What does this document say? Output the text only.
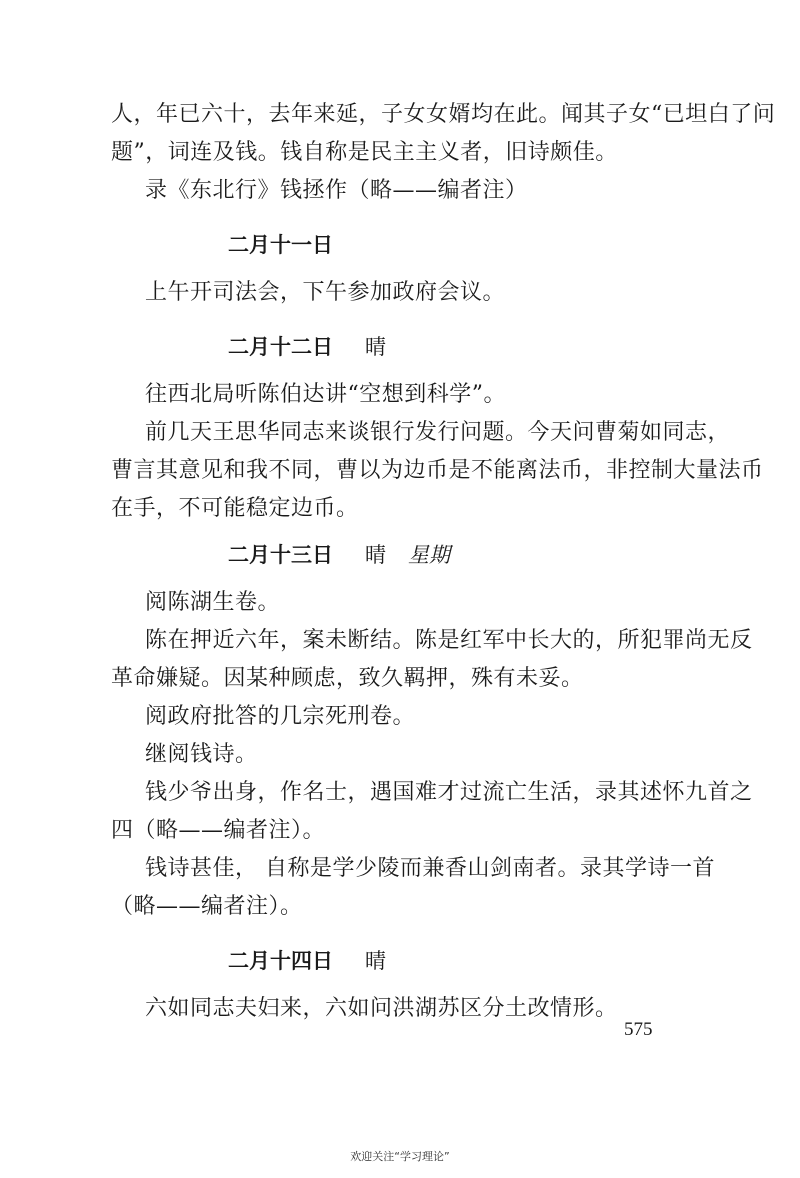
人，年已六十，去年来延，子女女婿均在此。闻其子女“已坦白了问
题”，词连及钱。钱自称是民主主义者，旧诗颇佳。
录《东北行》钱拯作（略——编者注）
二月十一日
上午开司法会，下午参加政府会议。
二月十二日 晴
往西北局听陈伯达讲“空想到科学”。
前几天王思华同志来谈银行发行问题。今天问曹菊如同志，
曹言其意见和我不同，曹以为边币是不能离法币，非控制大量法币
在手，不可能稳定边币。
二月十三日 晴 星期
阅陈湖生卷。
陈在押近六年，案未断结。陈是红军中长大的，所犯罪尚无反
革命嫌疑。因某种顾虑，致久羁押，殊有未妥。
阅政府批答的几宗死刑卷。
继阅钱诗。
钱少爷出身，作名士，遇国难才过流亡生活，录其述怀九首之
四（略——编者注）。
钱诗甚佳， 自称是学少陵而兼香山剑南者。录其学诗一首
（略——编者注）。
二月十四日 晴
六如同志夫妇来，六如问洪湖苏区分土改情形。
575
欢迎关注“学习理论”
